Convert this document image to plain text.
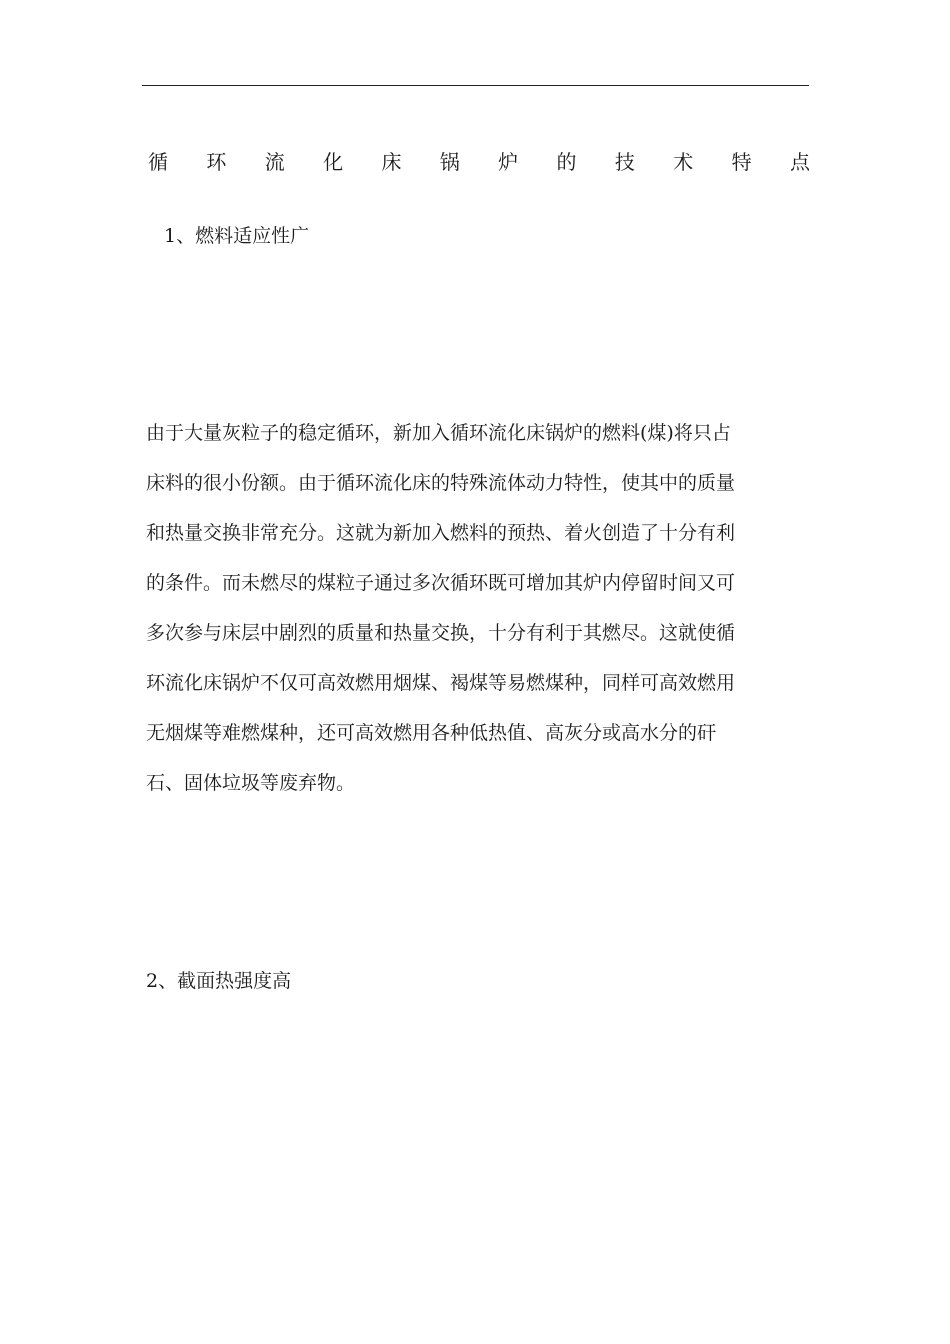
循 环 流 化 床 锅 炉 的 技 术 特 点
1、燃料适应性广
由于大量灰粒子的稳定循环，新加入循环流化床锅炉的燃料(煤)将只占
床料的很小份额。由于循环流化床的特殊流体动力特性，使其中的质量
和热量交换非常充分。这就为新加入燃料的预热、着火创造了十分有利
的条件。而未燃尽的煤粒子通过多次循环既可增加其炉内停留时间又可
多次参与床层中剧烈的质量和热量交换，十分有利于其燃尽。这就使循
环流化床锅炉不仅可高效燃用烟煤、褐煤等易燃煤种，同样可高效燃用
无烟煤等难燃煤种，还可高效燃用各种低热值、高灰分或高水分的矸
石、固体垃圾等废弃物。
2、截面热强度高
